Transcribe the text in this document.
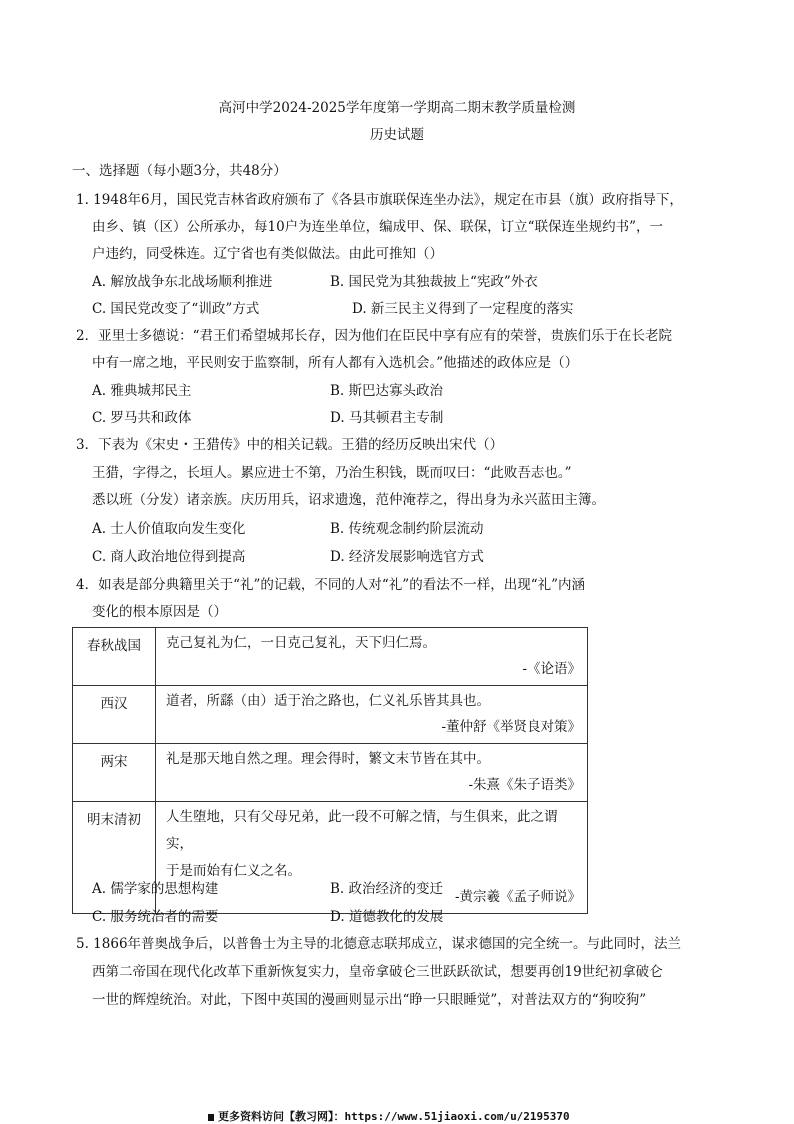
高河中学2024-2025学年度第一学期高二期末教学质量检测
历史试题
一、选择题（每小题3分，共48分）
1. 1948年6月，国民党吉林省政府颁布了《各县市旗联保连坐办法》，规定在市县（旗）政府指导下，
由乡、镇（区）公所承办，每10户为连坐单位，编成甲、保、联保，订立“联保连坐规约书”，一
户违约，同受株连。辽宁省也有类似做法。由此可推知（）
A. 解放战争东北战场顺利推进	B. 国民党为其独裁披上“宪政”外衣
C. 国民党改变了“训政”方式	D. 新三民主义得到了一定程度的落实
2．亚里士多德说：“君王们希望城邦长存，因为他们在臣民中享有应有的荣誉，贵族们乐于在长老院
中有一席之地，平民则安于监察制，所有人都有入选机会。”他描述的政体应是（）
A. 雅典城邦民主	B. 斯巴达寡头政治
C. 罗马共和政体	D. 马其顿君主专制
3．下表为《宋史・王猎传》中的相关记载。王猎的经历反映出宋代（）
王猎，字得之，长垣人。累应进士不第，乃治生积钱，既而叹曰：“此败吾志也。”
悉以班（分发）诸亲族。庆历用兵，诏求遗逸，范仲淹荐之，得出身为永兴蓝田主簿。
A. 士人价值取向发生变化	B. 传统观念制约阶层流动
C. 商人政治地位得到提高	D. 经济发展影响选官方式
4．如表是部分典籍里关于“礼”的记载，不同的人对“礼”的看法不一样，出现“礼”内涵
变化的根本原因是（）
春秋战国	克己复礼为仁，一日克己复礼，天下归仁焉。
-《论语》

西汉	道者，所繇（由）适于治之路也，仁义礼乐皆其具也。
-董仲舒《举贤良对策》

两宋	礼是那天地自然之理。理会得时，繁文末节皆在其中。
-朱熹《朱子语类》

明末清初	人生堕地，只有父母兄弟，此一段不可解之情，与生俱来，此之谓实，
于是而始有仁义之名。
-黄宗羲《孟子师说》
A. 儒学家的思想构建	B. 政治经济的变迁
C. 服务统治者的需要	D. 道德教化的发展
5. 1866年普奥战争后，以普鲁士为主导的北德意志联邦成立，谋求德国的完全统一。与此同时，法兰
西第二帝国在现代化改革下重新恢复实力，皇帝拿破仑三世跃跃欲试，想要再创19世纪初拿破仑
一世的辉煌统治。对此，下图中英国的漫画则显示出“睁一只眼睡觉”，对普法双方的“狗咬狗”
更多资料访问【教习网】：https://www.51jiaoxi.com/u/2195370
